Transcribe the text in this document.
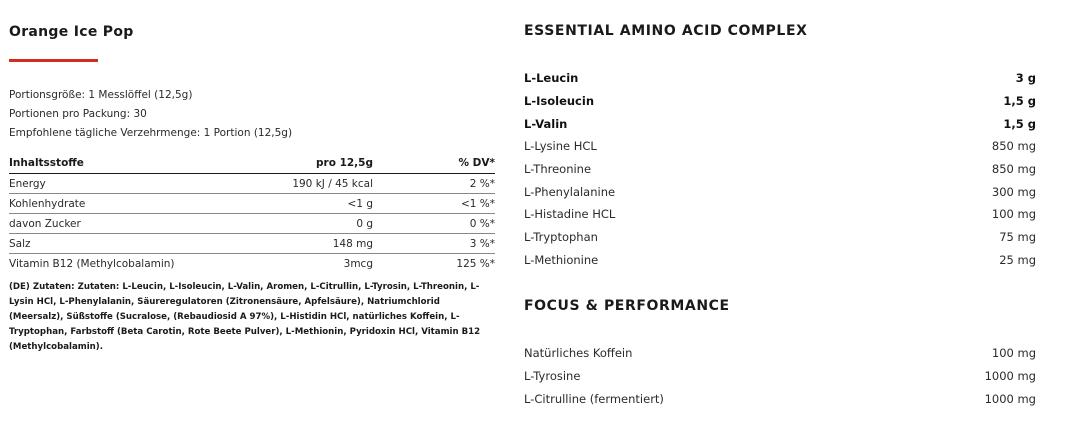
Orange Ice Pop
Portionsgröße: 1 Messlöffel (12,5g)
Portionen pro Packung: 30
Empfohlene tägliche Verzehrmenge: 1 Portion (12,5g)
Inhaltsstoffe	pro 12,5g	% DV*
Energy	190 kJ / 45 kcal	2 %*
Kohlenhydrate	<1 g	<1 %*
davon Zucker	0 g	0 %*
Salz	148 mg	3 %*
Vitamin B12 (Methylcobalamin)	3mcg	125 %*
(DE) Zutaten: Zutaten: L-Leucin, L-Isoleucin, L-Valin, Aromen, L-Citrullin, L-Tyrosin, L-Threonin, L-Lysin HCl, L-Phenylalanin, Säureregulatoren (Zitronensäure, Apfelsäure), Natriumchlorid (Meersalz), Süßstoffe (Sucralose, (Rebaudiosid A 97%), L-Histidin HCl, natürliches Koffein, L-Tryptophan, Farbstoff (Beta Carotin, Rote Beete Pulver), L-Methionin, Pyridoxin HCl, Vitamin B12 (Methylcobalamin).
ESSENTIAL AMINO ACID COMPLEX
L-Leucin	3 g
L-Isoleucin	1,5 g
L-Valin	1,5 g
L-Lysine HCL	850 mg
L-Threonine	850 mg
L-Phenylalanine	300 mg
L-Histadine HCL	100 mg
L-Tryptophan	75 mg
L-Methionine	25 mg
FOCUS & PERFORMANCE
Natürliches Koffein	100 mg
L-Tyrosine	1000 mg
L-Citrulline (fermentiert)	1000 mg
